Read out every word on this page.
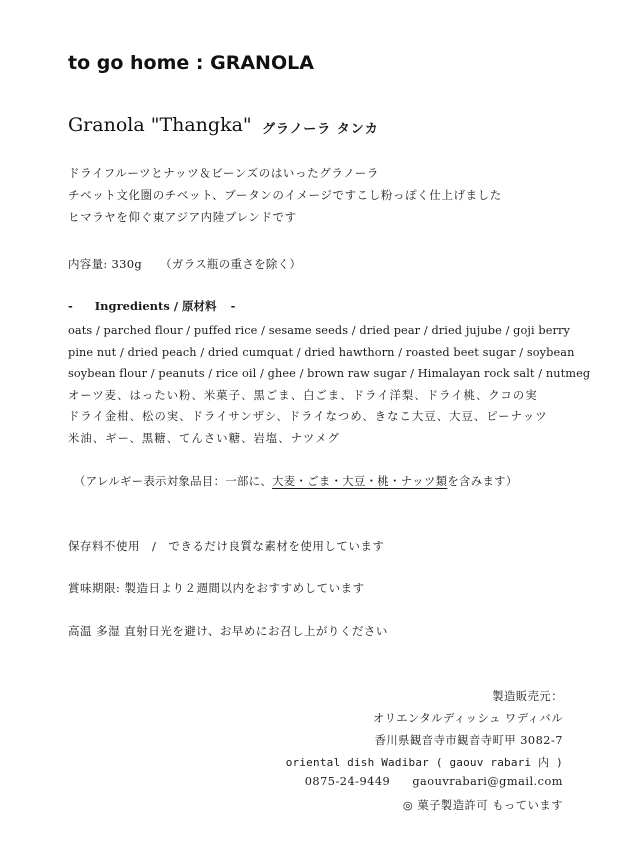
to go home : GRANOLA
Granola "Thangka" グラノーラ タンカ
ドライフルーツとナッツ＆ビーンズのはいったグラノーラ
チベット文化圏のチベット、ブータンのイメージですこし粉っぽく仕上げました
ヒマラヤを仰ぐ東アジア内陸ブレンドです
内容量: 330g （ガラス瓶の重さを除く）
- Ingredients / 原材料 -
oats / parched flour / puffed rice / sesame seeds / dried pear / dried jujube / goji berry
pine nut / dried peach / dried cumquat / dried hawthorn / roasted beet sugar / soybean
soybean flour / peanuts / rice oil / ghee / brown raw sugar / Himalayan rock salt / nutmeg
オーツ麦、はったい粉、米菓子、黒ごま、白ごま、ドライ洋梨、ドライ桃、クコの実
ドライ金柑、松の実、ドライサンザシ、ドライなつめ、きなこ大豆、大豆、ピーナッツ
米油、ギー、黒糖、てんさい糖、岩塩、ナツメグ
（アレルギー表示対象品目：一部に、大麦・ごま・大豆・桃・ナッツ類を含みます）
保存料不使用　/　できるだけ良質な素材を使用しています
賞味期限: 製造日より２週間以内をおすすめしています
高温 多湿 直射日光を避け、お早めにお召し上がりください
製造販売元：
オリエンタルディッシュ ワディバル
香川県観音寺市観音寺町甲 3082-7
oriental dish Wadibar ( gaouv rabari 内 )
0875-24-9449 gaouvrabari@gmail.com
◎ 菓子製造許可 もっています
